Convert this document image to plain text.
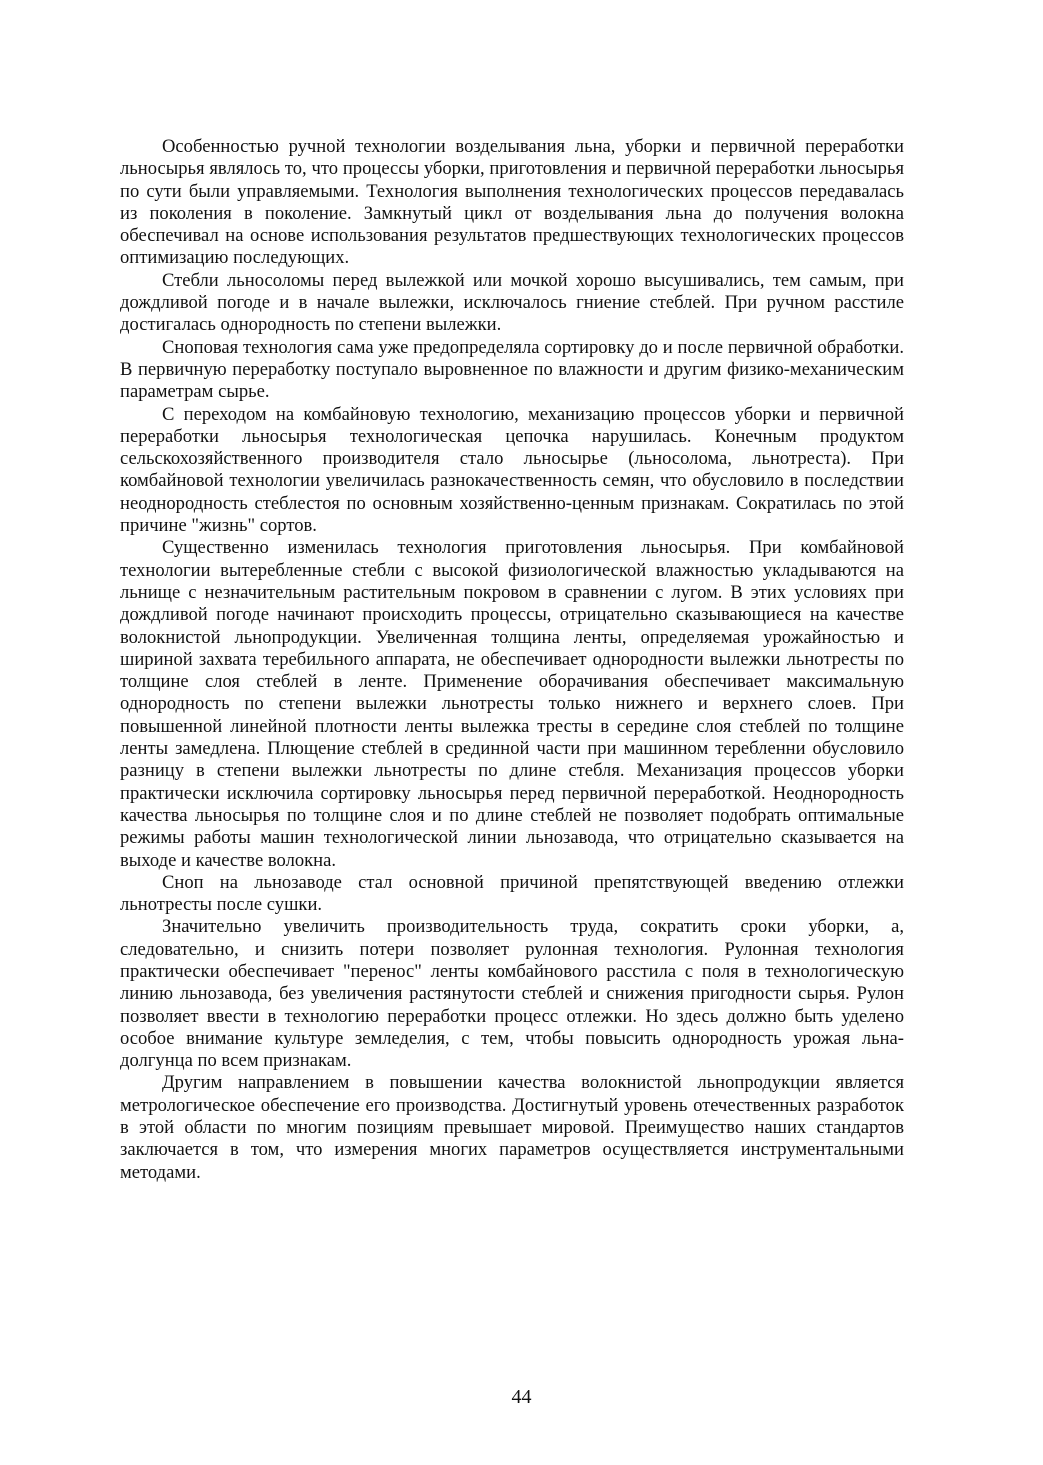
Особенностью ручной технологии возделывания льна, уборки и первичной переработки льносырья являлось то, что процессы уборки, приготовления и первичной переработки льносырья по сути были управляемыми. Технология выполнения технологических процессов передавалась из поколения в поколение. Замкнутый цикл от возделывания льна до получения волокна обеспечивал на основе использования результатов предшествующих технологических процессов оптимизацию последующих.

Стебли льносоломы перед вылежкой или мочкой хорошо высушивались, тем самым, при дождливой погоде и в начале вылежки, исключалось гниение стеблей. При ручном расстиле достигалась однородность по степени вылежки.

Сноповая технология сама уже предопределяла сортировку до и после первичной обработки. В первичную переработку поступало выровненное по влажности и другим физико-механическим параметрам сырье.

С переходом на комбайновую технологию, механизацию процессов уборки и первичной переработки льносырья технологическая цепочка нарушилась. Конечным продуктом сельскохозяйственного производителя стало льносырье (льносолома, льнотреста). При комбайновой технологии увеличилась разнокачественность семян, что обусловило в последствии неоднородность стеблестоя по основным хозяйственно-ценным признакам. Сократилась по этой причине "жизнь" сортов.

Существенно изменилась технология приготовления льносырья. При комбайновой технологии вытеребленные стебли с высокой физиологической влажностью укладываются на льнище с незначительным растительным покровом в сравнении с лугом. В этих условиях при дождливой погоде начинают происходить процессы, отрицательно сказывающиеся на качестве волокнистой льнопродукции. Увеличенная толщина ленты, определяемая урожайностью и шириной захвата теребильного аппарата, не обеспечивает однородности вылежки льнотресты по толщине слоя стеблей в ленте. Применение оборачивания обеспечивает максимальную однородность по степени вылежки льнотресты только нижнего и верхнего слоев. При повышенной линейной плотности ленты вылежка тресты в середине слоя стеблей по толщине ленты замедлена. Плющение стеблей в срединной части при машинном теребленни обусловило разницу в степени вылежки льнотресты по длине стебля. Механизация процессов уборки практически исключила сортировку льносырья перед первичной переработкой. Неоднородность качества льносырья по толщине слоя и по длине стеблей не позволяет подобрать оптимальные режимы работы машин технологической линии льнозавода, что отрицательно сказывается на выходе и качестве волокна.

Сноп на льнозаводе стал основной причиной препятствующей введению отлежки льнотресты после сушки.

Значительно увеличить производительность труда, сократить сроки уборки, а, следовательно, и снизить потери позволяет рулонная технология. Рулонная технология практически обеспечивает "перенос" ленты комбайнового расстила с поля в технологическую линию льнозавода, без увеличения растянутости стеблей и снижения пригодности сырья. Рулон позволяет ввести в технологию переработки процесс отлежки. Но здесь должно быть уделено особое внимание культуре земледелия, с тем, чтобы повысить однородность урожая льна-долгунца по всем признакам.

Другим направлением в повышении качества волокнистой льнопродукции является метрологическое обеспечение его производства. Достигнутый уровень отечественных разработок в этой области по многим позициям превышает мировой. Преимущество наших стандартов заключается в том, что измерения многих параметров осуществляется инструментальными методами.

44
